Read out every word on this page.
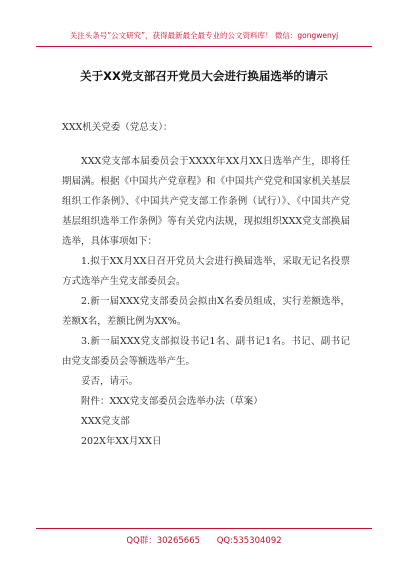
关注头条号“公文研究”，获得最新最全最专业的公文资料库！ 微信：gongwenyj
关于XX党支部召开党员大会进行换届选举的请示

XXX机关党委（党总支）：

XXX党支部本届委员会于XXXX年XX月XX日选举产生，即将任期届满。根据《中国共产党章程》和《中国共产党党和国家机关基层组织工作条例》、《中国共产党支部工作条例（试行）》、《中国共产党基层组织选举工作条例》等有关党内法规，现拟组织XXX党支部换届选举，具体事项如下：

1.拟于XX月XX日召开党员大会进行换届选举，采取无记名投票方式选举产生党支部委员会。

2.新一届XXX党支部委员会拟由X名委员组成，实行差额选举，差额X名，差额比例为XX%。

3.新一届XXX党支部拟设书记1名、副书记1名。书记、副书记由党支部委员会等额选举产生。

妥否，请示。

附件：XXX党支部委员会选举办法（草案）

XXX党支部

202X年XX月XX日

QQ群：30265665 QQ:535304092
